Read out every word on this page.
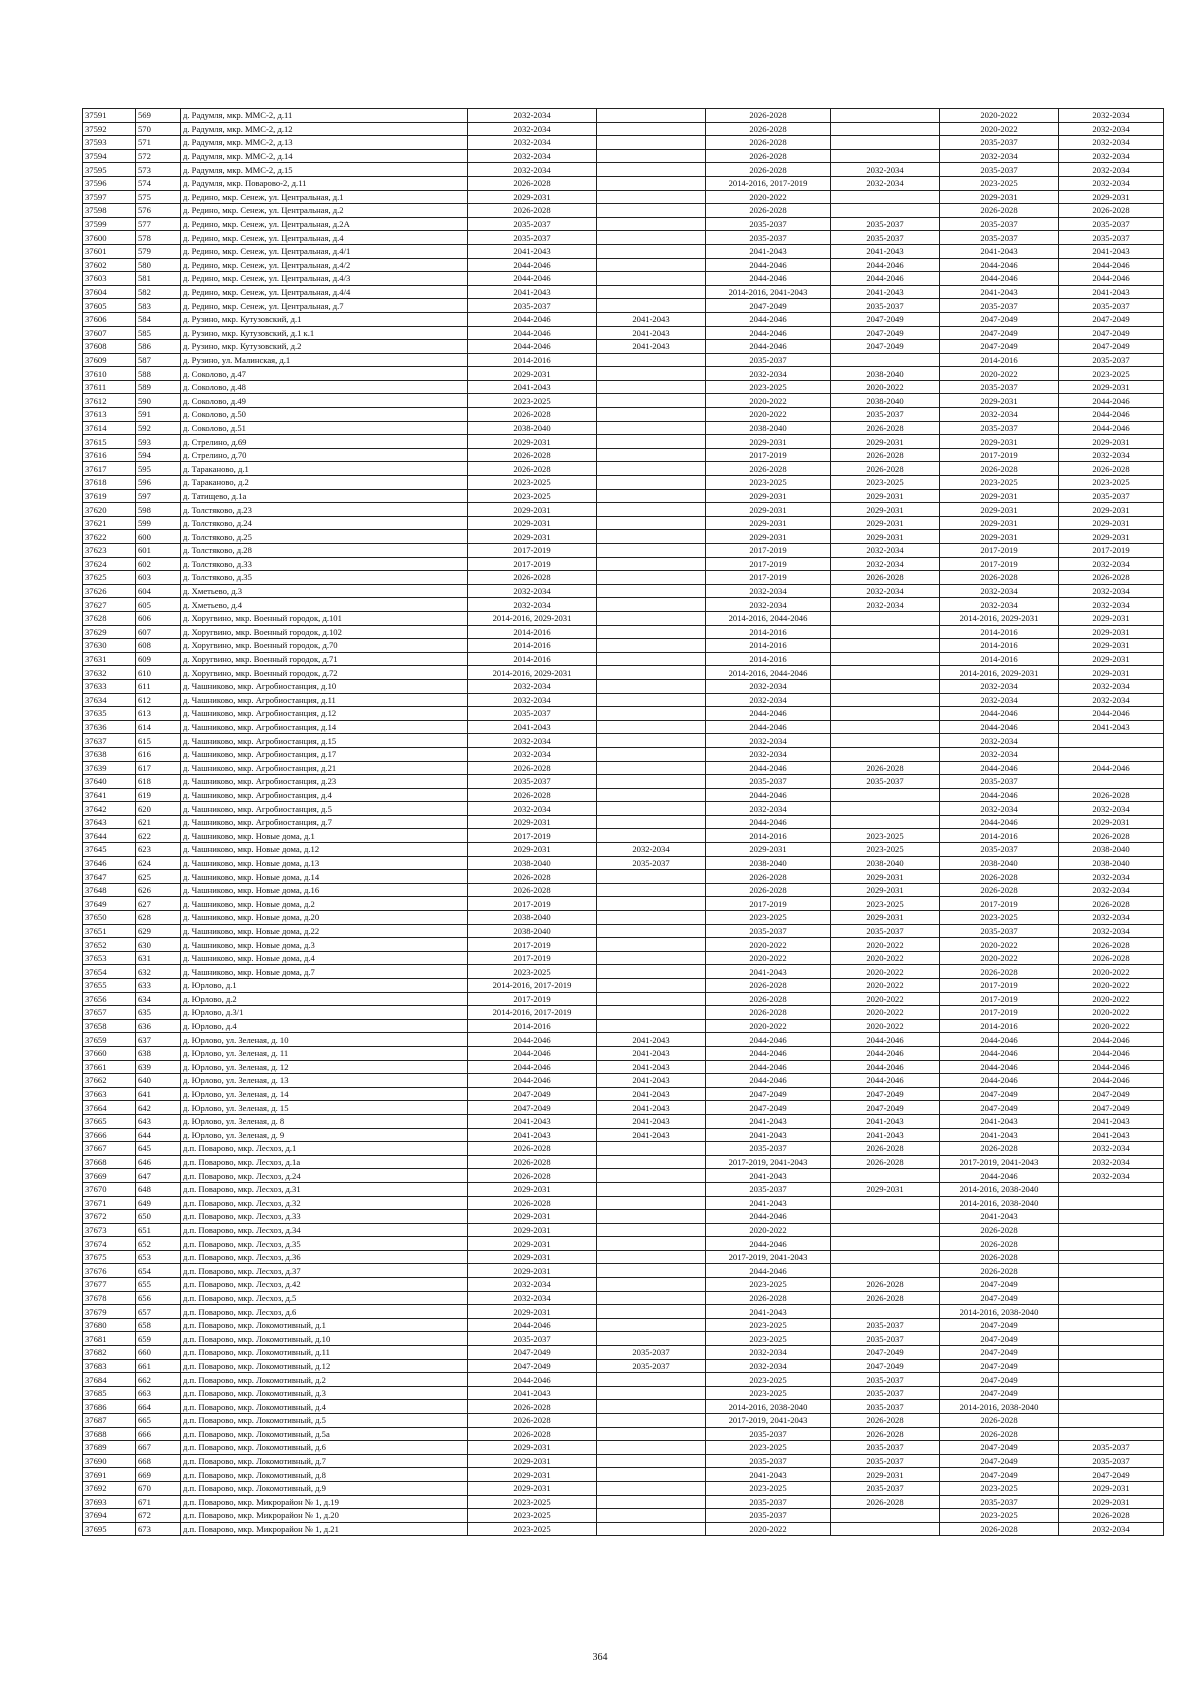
37591	569	д. Радумля, мкр. ММС-2, д.11	2032-2034		2026-2028		2020-2022	2032-2034
37592	570	д. Радумля, мкр. ММС-2, д.12	2032-2034		2026-2028		2020-2022	2032-2034
37593	571	д. Радумля, мкр. ММС-2, д.13	2032-2034		2026-2028		2035-2037	2032-2034
37594	572	д. Радумля, мкр. ММС-2, д.14	2032-2034		2026-2028		2032-2034	2032-2034
37595	573	д. Радумля, мкр. ММС-2, д.15	2032-2034		2026-2028	2032-2034	2035-2037	2032-2034
37596	574	д. Радумля, мкр. Поварово-2, д.11	2026-2028		2014-2016, 2017-2019	2032-2034	2023-2025	2032-2034
37597	575	д. Редино, мкр. Сенеж, ул. Центральная, д.1	2029-2031		2020-2022		2029-2031	2029-2031
37598	576	д. Редино, мкр. Сенеж, ул. Центральная, д.2	2026-2028		2026-2028		2026-2028	2026-2028
37599	577	д. Редино, мкр. Сенеж, ул. Центральная, д.2А	2035-2037		2035-2037	2035-2037	2035-2037	2035-2037
37600	578	д. Редино, мкр. Сенеж, ул. Центральная, д.4	2035-2037		2035-2037	2035-2037	2035-2037	2035-2037
37601	579	д. Редино, мкр. Сенеж, ул. Центральная, д.4/1	2041-2043		2041-2043	2041-2043	2041-2043	2041-2043
37602	580	д. Редино, мкр. Сенеж, ул. Центральная, д.4/2	2044-2046		2044-2046	2044-2046	2044-2046	2044-2046
37603	581	д. Редино, мкр. Сенеж, ул. Центральная, д.4/3	2044-2046		2044-2046	2044-2046	2044-2046	2044-2046
37604	582	д. Редино, мкр. Сенеж, ул. Центральная, д.4/4	2041-2043		2014-2016, 2041-2043	2041-2043	2041-2043	2041-2043
37605	583	д. Редино, мкр. Сенеж, ул. Центральная, д.7	2035-2037		2047-2049	2035-2037	2035-2037	2035-2037
37606	584	д. Рузино, мкр. Кутузовский, д.1	2044-2046	2041-2043	2044-2046	2047-2049	2047-2049	2047-2049
37607	585	д. Рузино, мкр. Кутузовский, д.1 к.1	2044-2046	2041-2043	2044-2046	2047-2049	2047-2049	2047-2049
37608	586	д. Рузино, мкр. Кутузовский, д.2	2044-2046	2041-2043	2044-2046	2047-2049	2047-2049	2047-2049
37609	587	д. Рузино, ул. Малинская, д.1	2014-2016		2035-2037		2014-2016	2035-2037
37610	588	д. Соколово, д.47	2029-2031		2032-2034	2038-2040	2020-2022	2023-2025
37611	589	д. Соколово, д.48	2041-2043		2023-2025	2020-2022	2035-2037	2029-2031
37612	590	д. Соколово, д.49	2023-2025		2020-2022	2038-2040	2029-2031	2044-2046
37613	591	д. Соколово, д.50	2026-2028		2020-2022	2035-2037	2032-2034	2044-2046
37614	592	д. Соколово, д.51	2038-2040		2038-2040	2026-2028	2035-2037	2044-2046
37615	593	д. Стрелино, д.69	2029-2031		2029-2031	2029-2031	2029-2031	2029-2031
37616	594	д. Стрелино, д.70	2026-2028		2017-2019	2026-2028	2017-2019	2032-2034
37617	595	д. Тараканово, д.1	2026-2028		2026-2028	2026-2028	2026-2028	2026-2028
37618	596	д. Тараканово, д.2	2023-2025		2023-2025	2023-2025	2023-2025	2023-2025
37619	597	д. Татищево, д.1а	2023-2025		2029-2031	2029-2031	2029-2031	2035-2037
37620	598	д. Толстяково, д.23	2029-2031		2029-2031	2029-2031	2029-2031	2029-2031
37621	599	д. Толстяково, д.24	2029-2031		2029-2031	2029-2031	2029-2031	2029-2031
37622	600	д. Толстяково, д.25	2029-2031		2029-2031	2029-2031	2029-2031	2029-2031
37623	601	д. Толстяково, д.28	2017-2019		2017-2019	2032-2034	2017-2019	2017-2019
37624	602	д. Толстяково, д.33	2017-2019		2017-2019	2032-2034	2017-2019	2032-2034
37625	603	д. Толстяково, д.35	2026-2028		2017-2019	2026-2028	2026-2028	2026-2028
37626	604	д. Хметьево, д.3	2032-2034		2032-2034	2032-2034	2032-2034	2032-2034
37627	605	д. Хметьево, д.4	2032-2034		2032-2034	2032-2034	2032-2034	2032-2034
37628	606	д. Хоругвино, мкр. Военный городок, д.101	2014-2016, 2029-2031		2014-2016, 2044-2046		2014-2016, 2029-2031	2029-2031
37629	607	д. Хоругвино, мкр. Военный городок, д.102	2014-2016		2014-2016		2014-2016	2029-2031
37630	608	д. Хоругвино, мкр. Военный городок, д.70	2014-2016		2014-2016		2014-2016	2029-2031
37631	609	д. Хоругвино, мкр. Военный городок, д.71	2014-2016		2014-2016		2014-2016	2029-2031
37632	610	д. Хоругвино, мкр. Военный городок, д.72	2014-2016, 2029-2031		2014-2016, 2044-2046		2014-2016, 2029-2031	2029-2031
37633	611	д. Чашниково, мкр. Агробиостанция, д.10	2032-2034		2032-2034		2032-2034	2032-2034
37634	612	д. Чашниково, мкр. Агробиостанция, д.11	2032-2034		2032-2034		2032-2034	2032-2034
37635	613	д. Чашниково, мкр. Агробиостанция, д.12	2035-2037		2044-2046		2044-2046	2044-2046
37636	614	д. Чашниково, мкр. Агробиостанция, д.14	2041-2043		2044-2046		2044-2046	2041-2043
37637	615	д. Чашниково, мкр. Агробиостанция, д.15	2032-2034		2032-2034		2032-2034	
37638	616	д. Чашниково, мкр. Агробиостанция, д.17	2032-2034		2032-2034		2032-2034	
37639	617	д. Чашниково, мкр. Агробиостанция, д.21	2026-2028		2044-2046	2026-2028	2044-2046	2044-2046
37640	618	д. Чашниково, мкр. Агробиостанция, д.23	2035-2037		2035-2037	2035-2037	2035-2037	
37641	619	д. Чашниково, мкр. Агробиостанция, д.4	2026-2028		2044-2046		2044-2046	2026-2028
37642	620	д. Чашниково, мкр. Агробиостанция, д.5	2032-2034		2032-2034		2032-2034	2032-2034
37643	621	д. Чашниково, мкр. Агробиостанция, д.7	2029-2031		2044-2046		2044-2046	2029-2031
37644	622	д. Чашниково, мкр. Новые дома, д.1	2017-2019		2014-2016	2023-2025	2014-2016	2026-2028
37645	623	д. Чашниково, мкр. Новые дома, д.12	2029-2031	2032-2034	2029-2031	2023-2025	2035-2037	2038-2040
37646	624	д. Чашниково, мкр. Новые дома, д.13	2038-2040	2035-2037	2038-2040	2038-2040	2038-2040	2038-2040
37647	625	д. Чашниково, мкр. Новые дома, д.14	2026-2028		2026-2028	2029-2031	2026-2028	2032-2034
37648	626	д. Чашниково, мкр. Новые дома, д.16	2026-2028		2026-2028	2029-2031	2026-2028	2032-2034
37649	627	д. Чашниково, мкр. Новые дома, д.2	2017-2019		2017-2019	2023-2025	2017-2019	2026-2028
37650	628	д. Чашниково, мкр. Новые дома, д.20	2038-2040		2023-2025	2029-2031	2023-2025	2032-2034
37651	629	д. Чашниково, мкр. Новые дома, д.22	2038-2040		2035-2037	2035-2037	2035-2037	2032-2034
37652	630	д. Чашниково, мкр. Новые дома, д.3	2017-2019		2020-2022	2020-2022	2020-2022	2026-2028
37653	631	д. Чашниково, мкр. Новые дома, д.4	2017-2019		2020-2022	2020-2022	2020-2022	2026-2028
37654	632	д. Чашниково, мкр. Новые дома, д.7	2023-2025		2041-2043	2020-2022	2026-2028	2020-2022
37655	633	д. Юрлово, д.1	2014-2016, 2017-2019		2026-2028	2020-2022	2017-2019	2020-2022
37656	634	д. Юрлово, д.2	2017-2019		2026-2028	2020-2022	2017-2019	2020-2022
37657	635	д. Юрлово, д.3/1	2014-2016, 2017-2019		2026-2028	2020-2022	2017-2019	2020-2022
37658	636	д. Юрлово, д.4	2014-2016		2020-2022	2020-2022	2014-2016	2020-2022
37659	637	д. Юрлово, ул. Зеленая, д. 10	2044-2046	2041-2043	2044-2046	2044-2046	2044-2046	2044-2046
37660	638	д. Юрлово, ул. Зеленая, д. 11	2044-2046	2041-2043	2044-2046	2044-2046	2044-2046	2044-2046
37661	639	д. Юрлово, ул. Зеленая, д. 12	2044-2046	2041-2043	2044-2046	2044-2046	2044-2046	2044-2046
37662	640	д. Юрлово, ул. Зеленая, д. 13	2044-2046	2041-2043	2044-2046	2044-2046	2044-2046	2044-2046
37663	641	д. Юрлово, ул. Зеленая, д. 14	2047-2049	2041-2043	2047-2049	2047-2049	2047-2049	2047-2049
37664	642	д. Юрлово, ул. Зеленая, д. 15	2047-2049	2041-2043	2047-2049	2047-2049	2047-2049	2047-2049
37665	643	д. Юрлово, ул. Зеленая, д. 8	2041-2043	2041-2043	2041-2043	2041-2043	2041-2043	2041-2043
37666	644	д. Юрлово, ул. Зеленая, д. 9	2041-2043	2041-2043	2041-2043	2041-2043	2041-2043	2041-2043
37667	645	д.п. Поварово, мкр. Лесхоз, д.1	2026-2028		2035-2037	2026-2028	2026-2028	2032-2034
37668	646	д.п. Поварово, мкр. Лесхоз, д.1а	2026-2028		2017-2019, 2041-2043	2026-2028	2017-2019, 2041-2043	2032-2034
37669	647	д.п. Поварово, мкр. Лесхоз, д.24	2026-2028		2041-2043		2044-2046	2032-2034
37670	648	д.п. Поварово, мкр. Лесхоз, д.31	2029-2031		2035-2037	2029-2031	2014-2016, 2038-2040	
37671	649	д.п. Поварово, мкр. Лесхоз, д.32	2026-2028		2041-2043		2014-2016, 2038-2040	
37672	650	д.п. Поварово, мкр. Лесхоз, д.33	2029-2031		2044-2046		2041-2043	
37673	651	д.п. Поварово, мкр. Лесхоз, д.34	2029-2031		2020-2022		2026-2028	
37674	652	д.п. Поварово, мкр. Лесхоз, д.35	2029-2031		2044-2046		2026-2028	
37675	653	д.п. Поварово, мкр. Лесхоз, д.36	2029-2031		2017-2019, 2041-2043		2026-2028	
37676	654	д.п. Поварово, мкр. Лесхоз, д.37	2029-2031		2044-2046		2026-2028	
37677	655	д.п. Поварово, мкр. Лесхоз, д.42	2032-2034		2023-2025	2026-2028	2047-2049	
37678	656	д.п. Поварово, мкр. Лесхоз, д.5	2032-2034		2026-2028	2026-2028	2047-2049	
37679	657	д.п. Поварово, мкр. Лесхоз, д.6	2029-2031		2041-2043		2014-2016, 2038-2040	
37680	658	д.п. Поварово, мкр. Локомотивный, д.1	2044-2046		2023-2025	2035-2037	2047-2049	
37681	659	д.п. Поварово, мкр. Локомотивный, д.10	2035-2037		2023-2025	2035-2037	2047-2049	
37682	660	д.п. Поварово, мкр. Локомотивный, д.11	2047-2049	2035-2037	2032-2034	2047-2049	2047-2049	
37683	661	д.п. Поварово, мкр. Локомотивный, д.12	2047-2049	2035-2037	2032-2034	2047-2049	2047-2049	
37684	662	д.п. Поварово, мкр. Локомотивный, д.2	2044-2046		2023-2025	2035-2037	2047-2049	
37685	663	д.п. Поварово, мкр. Локомотивный, д.3	2041-2043		2023-2025	2035-2037	2047-2049	
37686	664	д.п. Поварово, мкр. Локомотивный, д.4	2026-2028		2014-2016, 2038-2040	2035-2037	2014-2016, 2038-2040	
37687	665	д.п. Поварово, мкр. Локомотивный, д.5	2026-2028		2017-2019, 2041-2043	2026-2028	2026-2028	
37688	666	д.п. Поварово, мкр. Локомотивный, д.5а	2026-2028		2035-2037	2026-2028	2026-2028	
37689	667	д.п. Поварово, мкр. Локомотивный, д.6	2029-2031		2023-2025	2035-2037	2047-2049	2035-2037
37690	668	д.п. Поварово, мкр. Локомотивный, д.7	2029-2031		2035-2037	2035-2037	2047-2049	2035-2037
37691	669	д.п. Поварово, мкр. Локомотивный, д.8	2029-2031		2041-2043	2029-2031	2047-2049	2047-2049
37692	670	д.п. Поварово, мкр. Локомотивный, д.9	2029-2031		2023-2025	2035-2037	2023-2025	2029-2031
37693	671	д.п. Поварово, мкр. Микрорайон № 1, д.19	2023-2025		2035-2037	2026-2028	2035-2037	2029-2031
37694	672	д.п. Поварово, мкр. Микрорайон № 1, д.20	2023-2025		2035-2037		2023-2025	2026-2028
37695	673	д.п. Поварово, мкр. Микрорайон № 1, д.21	2023-2025		2020-2022		2026-2028	2032-2034
364
